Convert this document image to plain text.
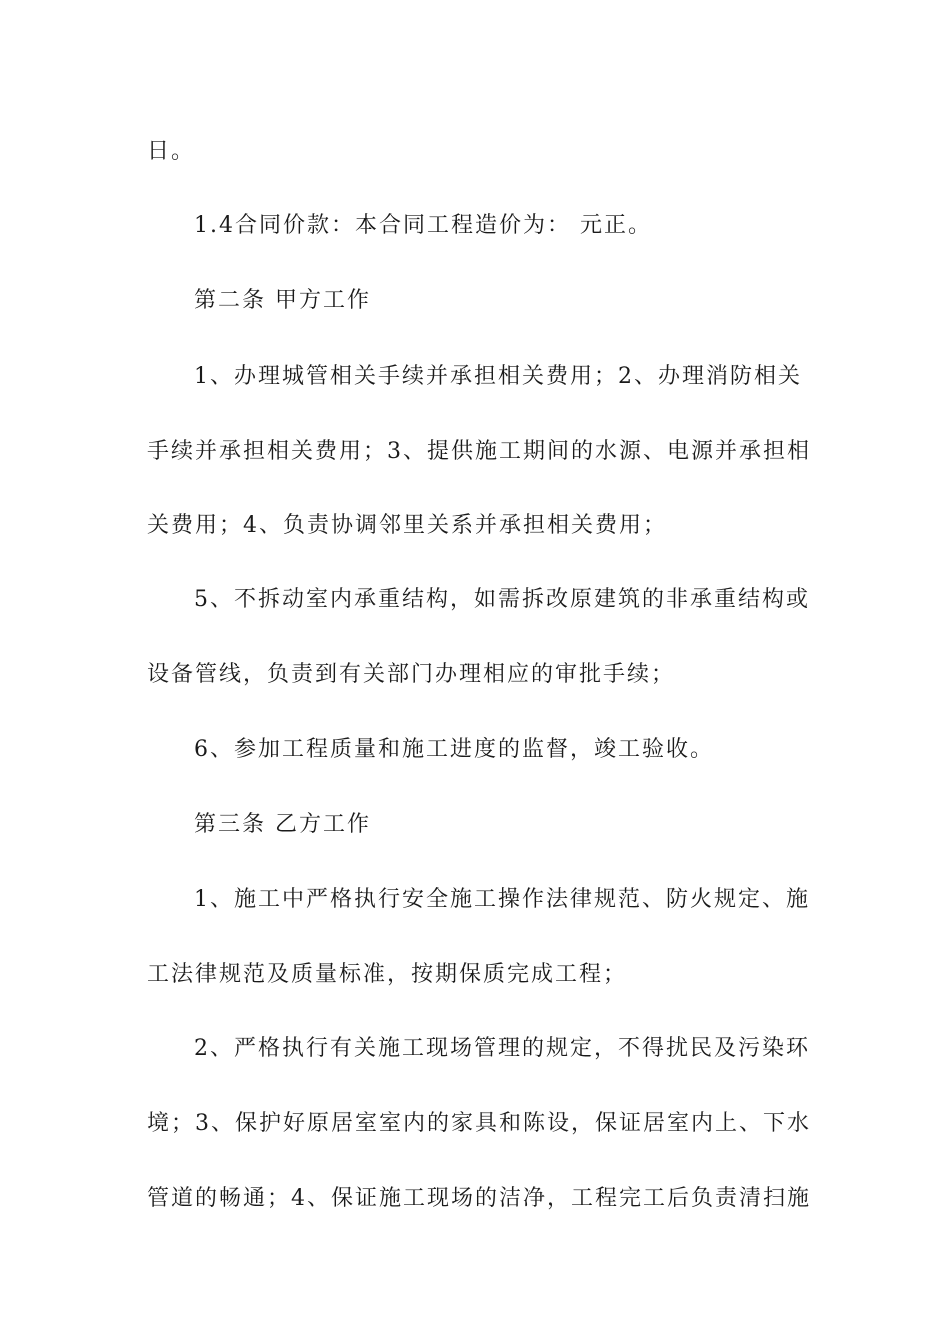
日。

1.4合同价款：本合同工程造价为： 元正。

第二条 甲方工作

1、办理城管相关手续并承担相关费用；2、办理消防相关

手续并承担相关费用；3、提供施工期间的水源、电源并承担相

关费用；4、负责协调邻里关系并承担相关费用；

5、不拆动室内承重结构，如需拆改原建筑的非承重结构或

设备管线，负责到有关部门办理相应的审批手续；

6、参加工程质量和施工进度的监督，竣工验收。

第三条 乙方工作

1、施工中严格执行安全施工操作法律规范、防火规定、施

工法律规范及质量标准，按期保质完成工程；

2、严格执行有关施工现场管理的规定，不得扰民及污染环

境；3、保护好原居室室内的家具和陈设，保证居室内上、下水

管道的畅通；4、保证施工现场的洁净，工程完工后负责清扫施
